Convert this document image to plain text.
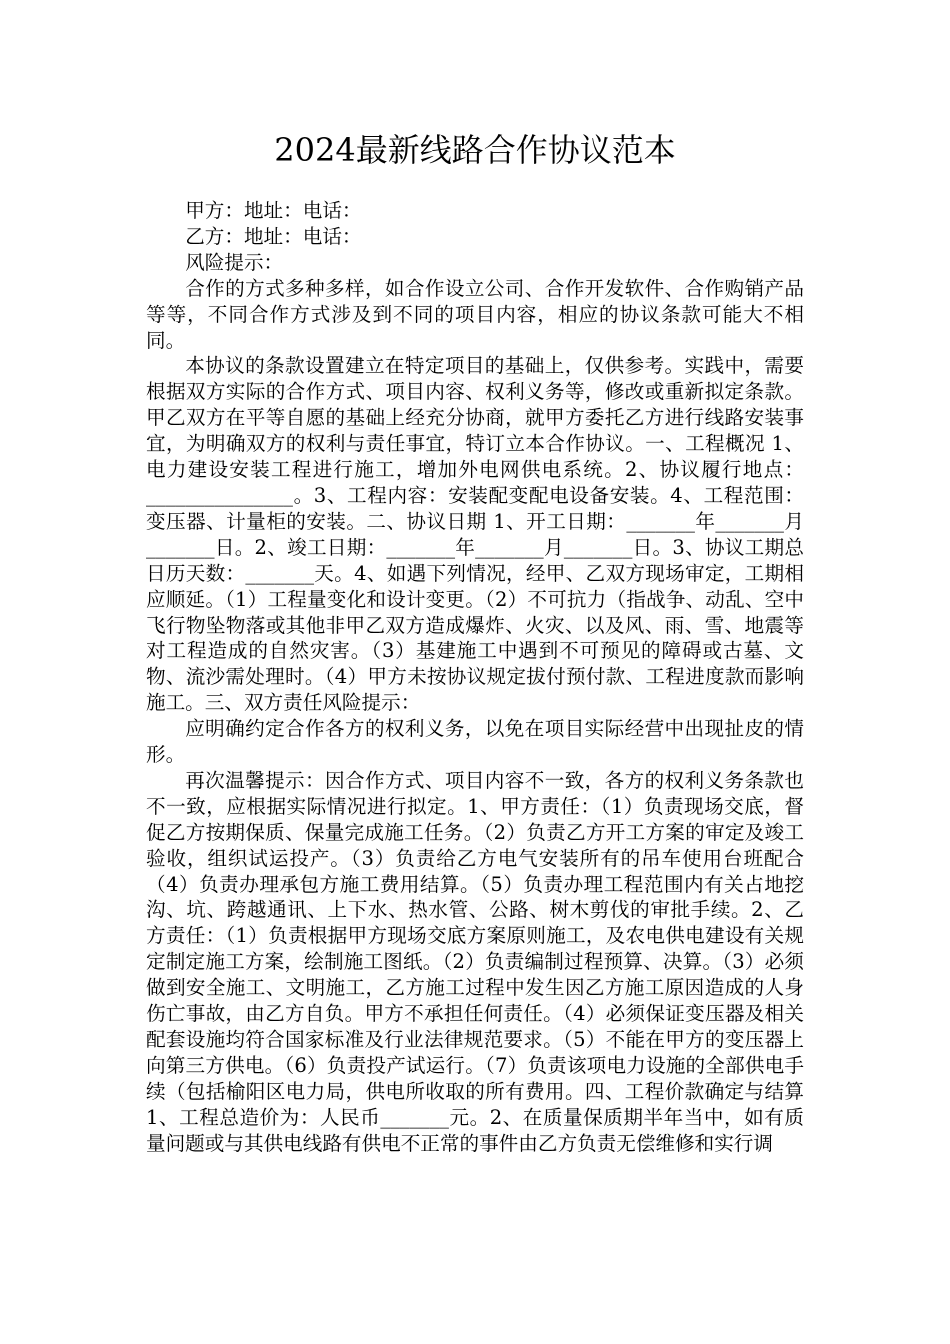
2024最新线路合作协议范本

甲方：地址：电话：

乙方：地址：电话：

风险提示：

合作的方式多种多样，如合作设立公司、合作开发软件、合作购销产品等等，不同合作方式涉及到不同的项目内容，相应的协议条款可能大不相同。

本协议的条款设置建立在特定项目的基础上，仅供参考。实践中，需要根据双方实际的合作方式、项目内容、权利义务等，修改或重新拟定条款。甲乙双方在平等自愿的基础上经充分协商，就甲方委托乙方进行线路安装事宜，为明确双方的权利与责任事宜，特订立本合作协议。一、工程概况 1、电力建设安装工程进行施工，增加外电网供电系统。2、协议履行地点：_______________。3、工程内容：安装配变配电设备安装。4、工程范围：变压器、计量柜的安装。二、协议日期 1、开工日期：_______年_______月_______日。2、竣工日期：_______年_______月_______日。3、协议工期总日历天数：_______天。4、如遇下列情况，经甲、乙双方现场审定，工期相应顺延。（1）工程量变化和设计变更。（2）不可抗力（指战争、动乱、空中飞行物坠物落或其他非甲乙双方造成爆炸、火灾、以及风、雨、雪、地震等对工程造成的自然灾害。（3）基建施工中遇到不可预见的障碍或古墓、文物、流沙需处理时。（4）甲方未按协议规定拔付预付款、工程进度款而影响施工。三、双方责任风险提示：

应明确约定合作各方的权利义务，以免在项目实际经营中出现扯皮的情形。

再次温馨提示：因合作方式、项目内容不一致，各方的权利义务条款也不一致，应根据实际情况进行拟定。1、甲方责任：（1）负责现场交底，督促乙方按期保质、保量完成施工任务。（2）负责乙方开工方案的审定及竣工验收，组织试运投产。（3）负责给乙方电气安装所有的吊车使用台班配合（4）负责办理承包方施工费用结算。（5）负责办理工程范围内有关占地挖沟、坑、跨越通讯、上下水、热水管、公路、树木剪伐的审批手续。2、乙方责任：（1）负责根据甲方现场交底方案原则施工，及农电供电建设有关规定制定施工方案，绘制施工图纸。（2）负责编制过程预算、决算。（3）必须做到安全施工、文明施工，乙方施工过程中发生因乙方施工原因造成的人身伤亡事故，由乙方自负。甲方不承担任何责任。（4）必须保证变压器及相关配套设施均符合国家标准及行业法律规范要求。（5）不能在甲方的变压器上向第三方供电。（6）负责投产试运行。（7）负责该项电力设施的全部供电手续（包括榆阳区电力局，供电所收取的所有费用。四、工程价款确定与结算 1、工程总造价为：人民币_______元。2、在质量保质期半年当中，如有质量问题或与其供电线路有供电不正常的事件由乙方负责无偿维修和实行调
